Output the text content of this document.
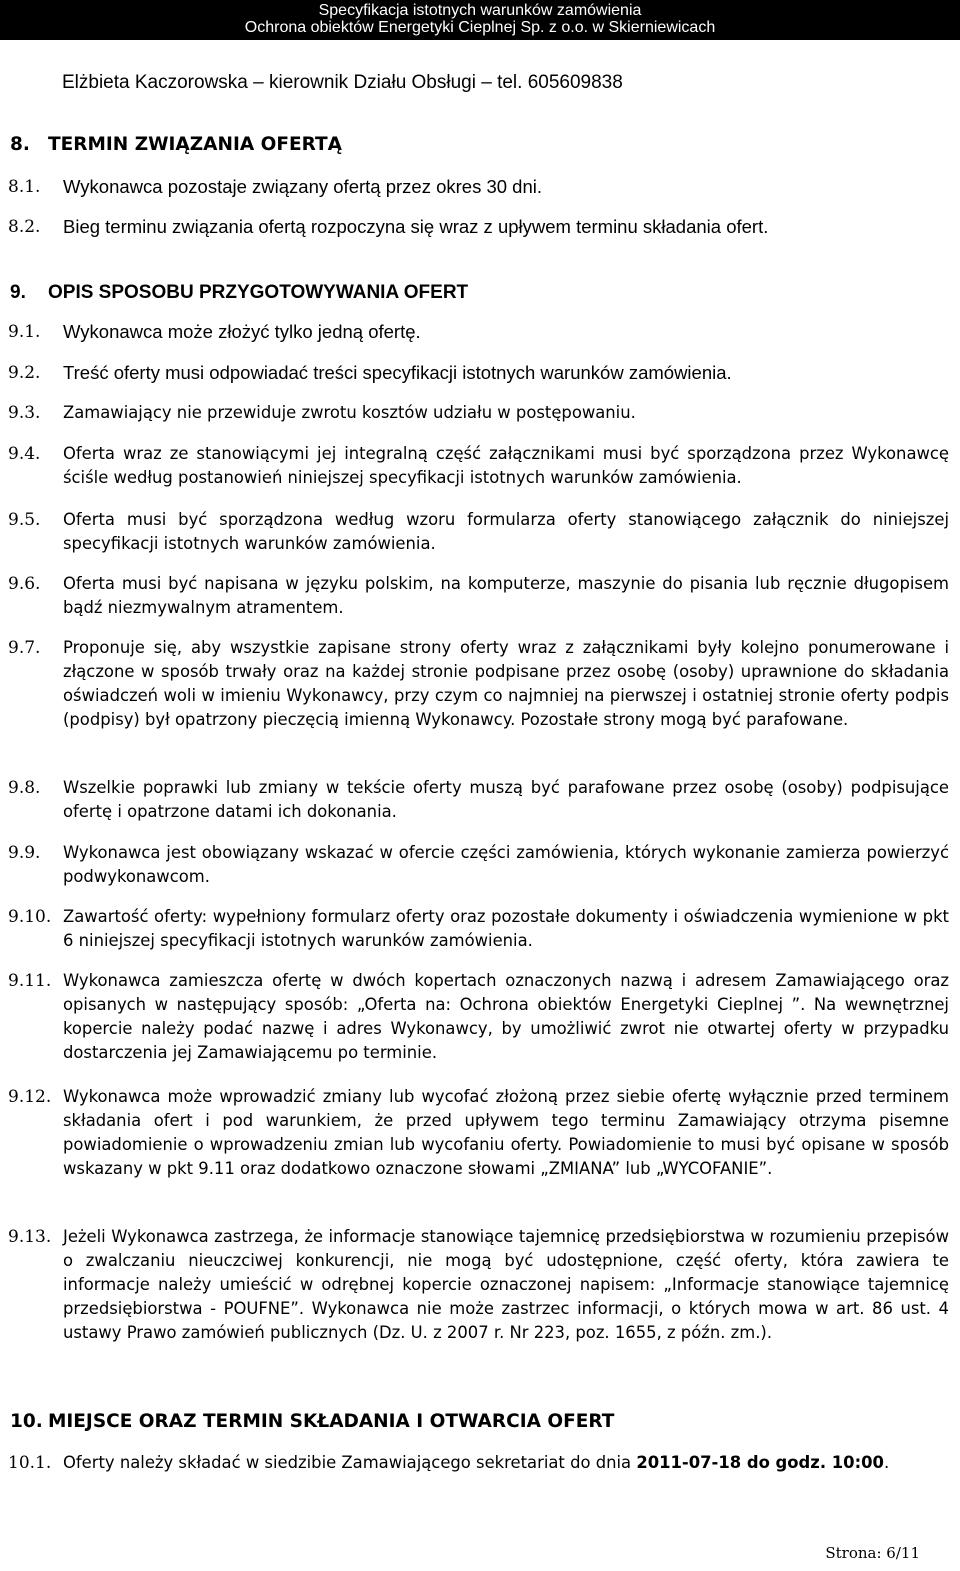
Specyfikacja istotnych warunków zamówienia
Ochrona obiektów Energetyki Cieplnej Sp. z o.o. w Skierniewicach
Elżbieta Kaczorowska – kierownik Działu Obsługi – tel. 605609838
8. TERMIN ZWIĄZANIA OFERTĄ
8.1. Wykonawca pozostaje związany ofertą przez okres 30 dni.
8.2. Bieg terminu związania ofertą rozpoczyna się wraz z upływem terminu składania ofert.
9. OPIS SPOSOBU PRZYGOTOWYWANIA OFERT
9.1. Wykonawca może złożyć tylko jedną ofertę.
9.2. Treść oferty musi odpowiadać treści specyfikacji istotnych warunków zamówienia.
9.3. Zamawiający nie przewiduje zwrotu kosztów udziału w postępowaniu.
9.4. Oferta wraz ze stanowiącymi jej integralną część załącznikami musi być sporządzona przez Wykonawcę ściśle według postanowień niniejszej specyfikacji istotnych warunków zamówienia.
9.5. Oferta musi być sporządzona według wzoru formularza oferty stanowiącego załącznik do niniejszej specyfikacji istotnych warunków zamówienia.
9.6. Oferta musi być napisana w języku polskim, na komputerze, maszynie do pisania lub ręcznie długopisem bądź niezmywalnym atramentem.
9.7. Proponuje się, aby wszystkie zapisane strony oferty wraz z załącznikami były kolejno ponumerowane i złączone w sposób trwały oraz na każdej stronie podpisane przez osobę (osoby) uprawnione do składania oświadczeń woli w imieniu Wykonawcy, przy czym co najmniej na pierwszej i ostatniej stronie oferty podpis (podpisy) był opatrzony pieczęcią imienną Wykonawcy. Pozostałe strony mogą być parafowane.
9.8. Wszelkie poprawki lub zmiany w tekście oferty muszą być parafowane przez osobę (osoby) podpisujące ofertę i opatrzone datami ich dokonania.
9.9. Wykonawca jest obowiązany wskazać w ofercie części zamówienia, których wykonanie zamierza powierzyć podwykonawcom.
9.10. Zawartość oferty: wypełniony formularz oferty oraz pozostałe dokumenty i oświadczenia wymienione w pkt 6 niniejszej specyfikacji istotnych warunków zamówienia.
9.11. Wykonawca zamieszcza ofertę w dwóch kopertach oznaczonych nazwą i adresem Zamawiającego oraz opisanych w następujący sposób: „Oferta na: Ochrona obiektów Energetyki Cieplnej ”. Na wewnętrznej kopercie należy podać nazwę i adres Wykonawcy, by umożliwić zwrot nie otwartej oferty w przypadku dostarczenia jej Zamawiającemu po terminie.
9.12. Wykonawca może wprowadzić zmiany lub wycofać złożoną przez siebie ofertę wyłącznie przed terminem składania ofert i pod warunkiem, że przed upływem tego terminu Zamawiający otrzyma pisemne powiadomienie o wprowadzeniu zmian lub wycofaniu oferty. Powiadomienie to musi być opisane w sposób wskazany w pkt 9.11 oraz dodatkowo oznaczone słowami „ZMIANA” lub „WYCOFANIE”.
9.13. Jeżeli Wykonawca zastrzega, że informacje stanowiące tajemnicę przedsiębiorstwa w rozumieniu przepisów o zwalczaniu nieuczciwej konkurencji, nie mogą być udostępnione, część oferty, która zawiera te informacje należy umieścić w odrębnej kopercie oznaczonej napisem: „Informacje stanowiące tajemnicę przedsiębiorstwa - POUFNE”. Wykonawca nie może zastrzec informacji, o których mowa w art. 86 ust. 4 ustawy Prawo zamówień publicznych (Dz. U. z 2007 r. Nr 223, poz. 1655, z późn. zm.).
10. MIEJSCE ORAZ TERMIN SKŁADANIA I OTWARCIA OFERT
10.1. Oferty należy składać w siedzibie Zamawiającego sekretariat do dnia 2011-07-18 do godz. 10:00.
Strona: 6/11
